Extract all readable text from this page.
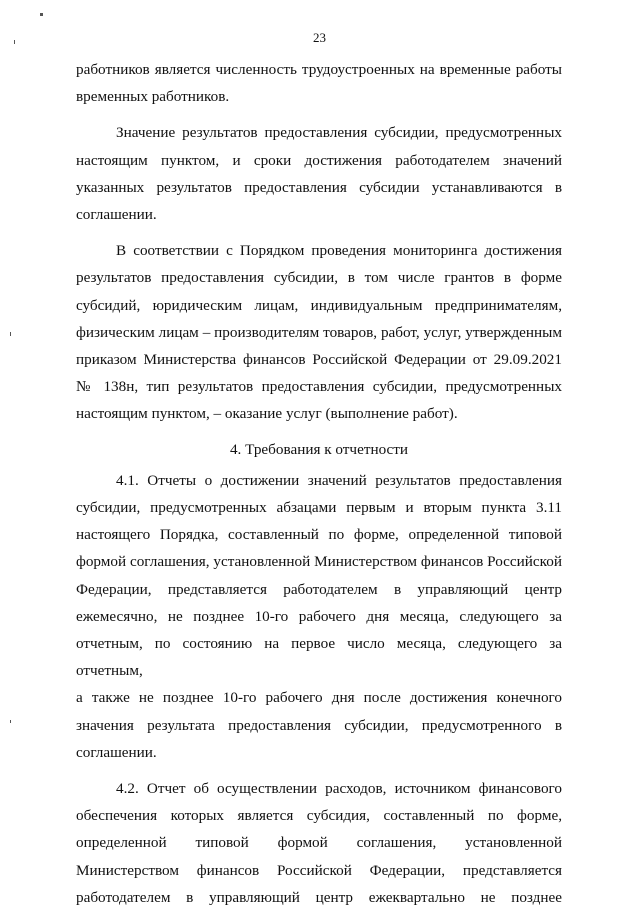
23
работников является численность трудоустроенных на временные работы
временных работников.
Значение результатов предоставления субсидии, предусмотренных
настоящим пунктом, и сроки достижения работодателем значений
указанных результатов предоставления субсидии устанавливаются в
соглашении.
В соответствии с Порядком проведения мониторинга достижения
результатов предоставления субсидии, в том числе грантов в форме
субсидий, юридическим лицам, индивидуальным предпринимателям,
физическим лицам – производителям товаров, работ, услуг, утвержденным
приказом Министерства финансов Российской Федерации от 29.09.2021
№ 138н, тип результатов предоставления субсидии, предусмотренных
настоящим пунктом, – оказание услуг (выполнение работ).
4. Требования к отчетности
4.1. Отчеты о достижении значений результатов предоставления
субсидии, предусмотренных абзацами первым и вторым пункта 3.11
настоящего Порядка, составленный по форме, определенной типовой
формой соглашения, установленной Министерством финансов Российской
Федерации, представляется работодателем в управляющий центр
ежемесячно, не позднее 10-го рабочего дня месяца, следующего за
отчетным, по состоянию на первое число месяца, следующего за отчетным,
а также не позднее 10-го рабочего дня после достижения конечного
значения результата предоставления субсидии, предусмотренного в
соглашении.
4.2. Отчет об осуществлении расходов, источником финансового
обеспечения которых является субсидия, составленный по форме,
определенной типовой формой соглашения, установленной
Министерством финансов Российской Федерации, представляется
работодателем в управляющий центр ежеквартально не позднее
